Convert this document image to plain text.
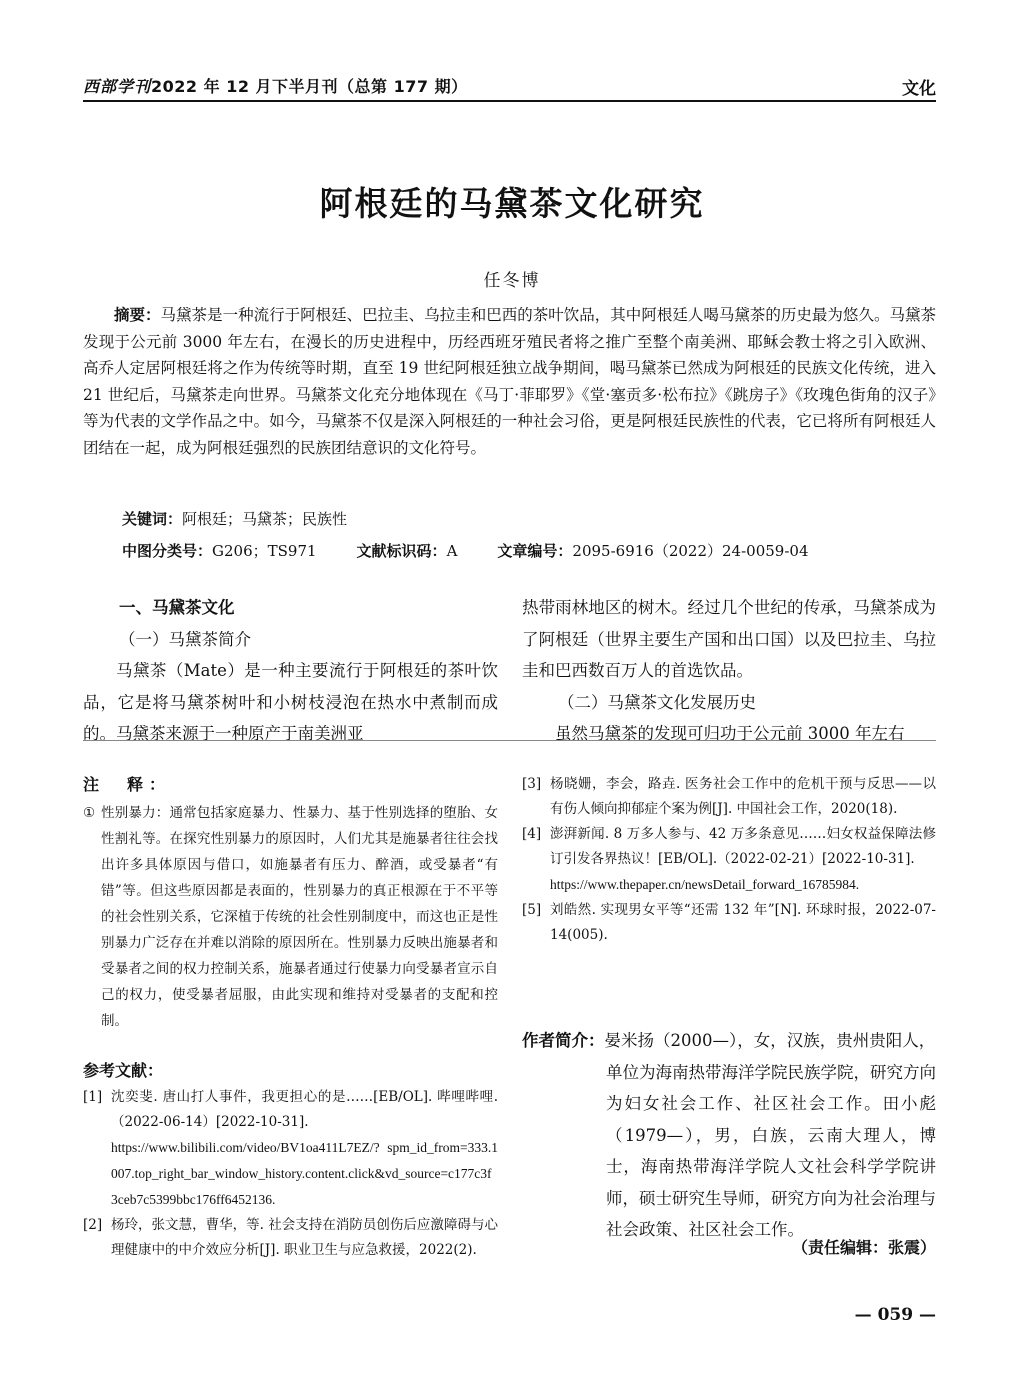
西部学刊2022 年 12 月下半月刊（总第 177 期）	文化
阿根廷的马黛茶文化研究
任冬博
摘要：马黛茶是一种流行于阿根廷、巴拉圭、乌拉圭和巴西的茶叶饮品，其中阿根廷人喝马黛茶的历史最为悠久。马黛茶发现于公元前 3000 年左右，在漫长的历史进程中，历经西班牙殖民者将之推广至整个南美洲、耶稣会教士将之引入欧洲、高乔人定居阿根廷将之作为传统等时期，直至 19 世纪阿根廷独立战争期间，喝马黛茶已然成为阿根廷的民族文化传统，进入 21 世纪后，马黛茶走向世界。马黛茶文化充分地体现在《马丁·菲耶罗》《堂·塞贡多·松布拉》《跳房子》《玫瑰色街角的汉子》等为代表的文学作品之中。如今，马黛茶不仅是深入阿根廷的一种社会习俗，更是阿根廷民族性的代表，它已将所有阿根廷人团结在一起，成为阿根廷强烈的民族团结意识的文化符号。
关键词：阿根廷；马黛茶；民族性
中图分类号：G206；TS971	文献标识码：A	文章编号：2095-6916（2022）24-0059-04
一、马黛茶文化
（一）马黛茶简介
马黛茶（Mate）是一种主要流行于阿根廷的茶叶饮品，它是将马黛茶树叶和小树枝浸泡在热水中煮制而成的。马黛茶来源于一种原产于南美洲亚
热带雨林地区的树木。经过几个世纪的传承，马黛茶成为了阿根廷（世界主要生产国和出口国）以及巴拉圭、乌拉圭和巴西数百万人的首选饮品。
（二）马黛茶文化发展历史
虽然马黛茶的发现可归功于公元前 3000 年左右
注　释：
① 性别暴力：通常包括家庭暴力、性暴力、基于性别选择的堕胎、女性割礼等。在探究性别暴力的原因时，人们尤其是施暴者往往会找出许多具体原因与借口，如施暴者有压力、醉酒，或受暴者“有错”等。但这些原因都是表面的，性别暴力的真正根源在于不平等的社会性别关系，它深植于传统的社会性别制度中，而这也正是性别暴力广泛存在并难以消除的原因所在。性别暴力反映出施暴者和受暴者之间的权力控制关系，施暴者通过行使暴力向受暴者宣示自己的权力，使受暴者屈服，由此实现和维持对受暴者的支配和控制。
参考文献：
[1] 沈奕斐. 唐山打人事件，我更担心的是……[EB/OL]. 哔哩哔哩.（2022-06-14）[2022-10-31].
https://www.bilibili.com/video/BV1oa411L7EZ/? spm_id_from=333.1007.top_right_bar_window_history.content.click&vd_source=c177c3f3ceb7c5399bbc176ff6452136.
[2] 杨玲，张文慧，曹华，等. 社会支持在消防员创伤后应激障碍与心理健康中的中介效应分析[J]. 职业卫生与应急救援，2022(2).
[3] 杨晓姗，李会，路垚. 医务社会工作中的危机干预与反思——以有伤人倾向抑郁症个案为例[J]. 中国社会工作，2020(18).
[4] 澎湃新闻. 8 万多人参与、42 万多条意见……妇女权益保障法修订引发各界热议！[EB/OL].（2022-02-21）[2022-10-31].
https://www.thepaper.cn/newsDetail_forward_16785984.
[5] 刘皓然. 实现男女平等“还需 132 年”[N]. 环球时报，2022-07-14(005).
作者简介：晏米扬（2000—），女，汉族，贵州贵阳人，
单位为海南热带海洋学院民族学院，研究方向为妇女社会工作、社区社会工作。田小彪（1979—），男，白族，云南大理人，博士，海南热带海洋学院人文社会科学学院讲师，硕士研究生导师，研究方向为社会治理与社会政策、社区社会工作。
（责任编辑：张震）
— 059 —
